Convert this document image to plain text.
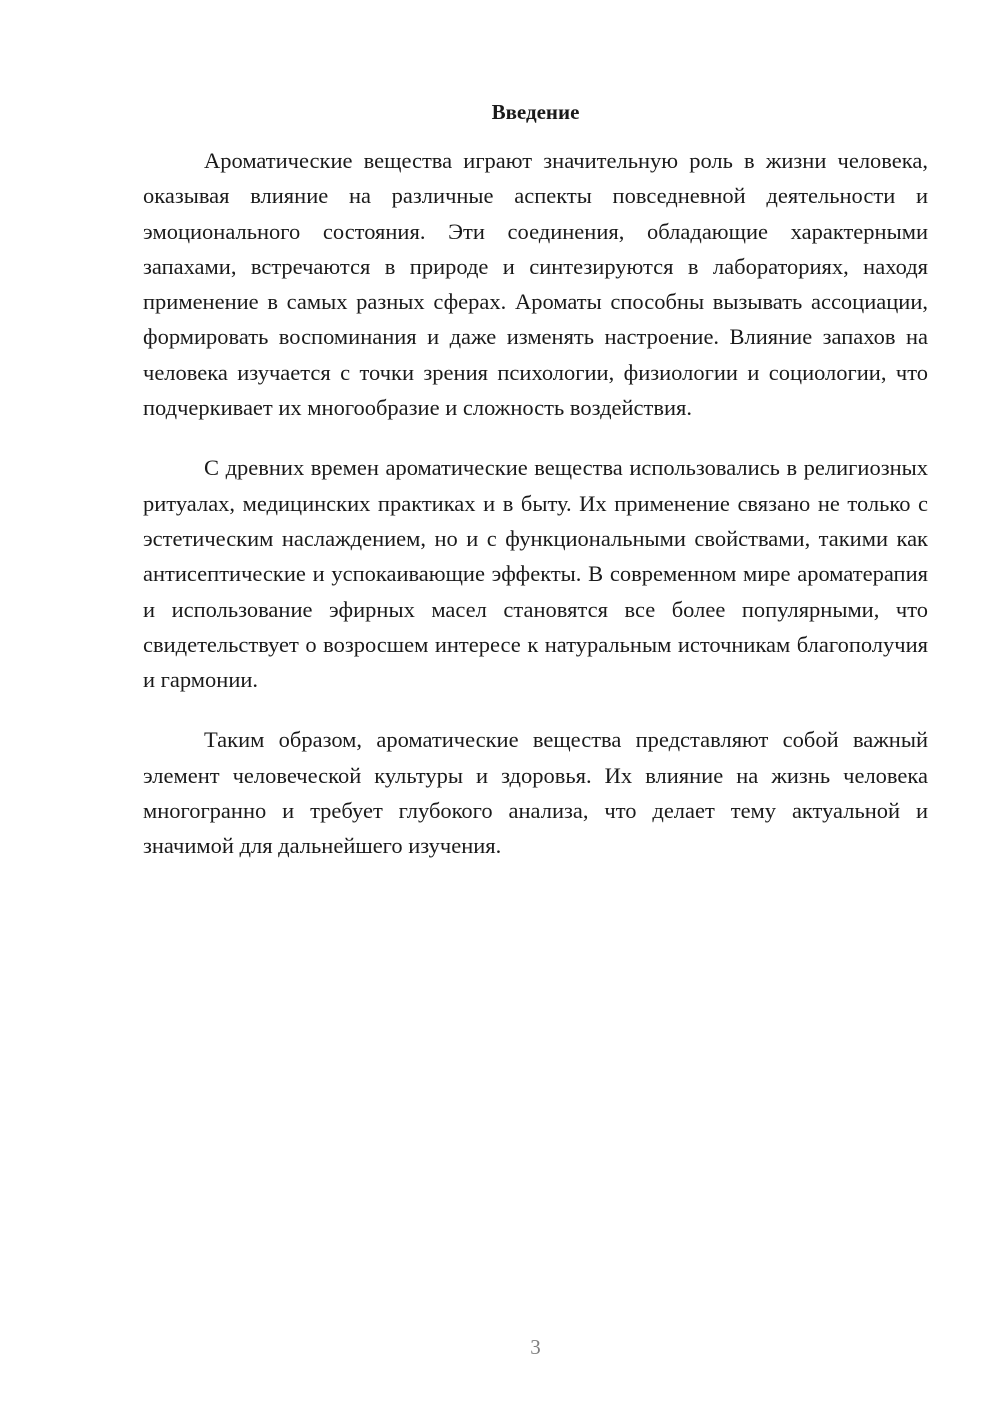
Введение

Ароматические вещества играют значительную роль в жизни человека, оказывая влияние на различные аспекты повседневной деятельности и эмоционального состояния. Эти соединения, обладающие характерными запахами, встречаются в природе и синтезируются в лабораториях, находя применение в самых разных сферах. Ароматы способны вызывать ассоциации, формировать воспоминания и даже изменять настроение. Влияние запахов на человека изучается с точки зрения психологии, физиологии и социологии, что подчеркивает их многообразие и сложность воздействия.

С древних времен ароматические вещества использовались в религиозных ритуалах, медицинских практиках и в быту. Их применение связано не только с эстетическим наслаждением, но и с функциональными свойствами, такими как антисептические и успокаивающие эффекты. В современном мире ароматерапия и использование эфирных масел становятся все более популярными, что свидетельствует о возросшем интересе к натуральным источникам благополучия и гармонии.

Таким образом, ароматические вещества представляют собой важный элемент человеческой культуры и здоровья. Их влияние на жизнь человека многогранно и требует глубокого анализа, что делает тему актуальной и значимой для дальнейшего изучения.

3
